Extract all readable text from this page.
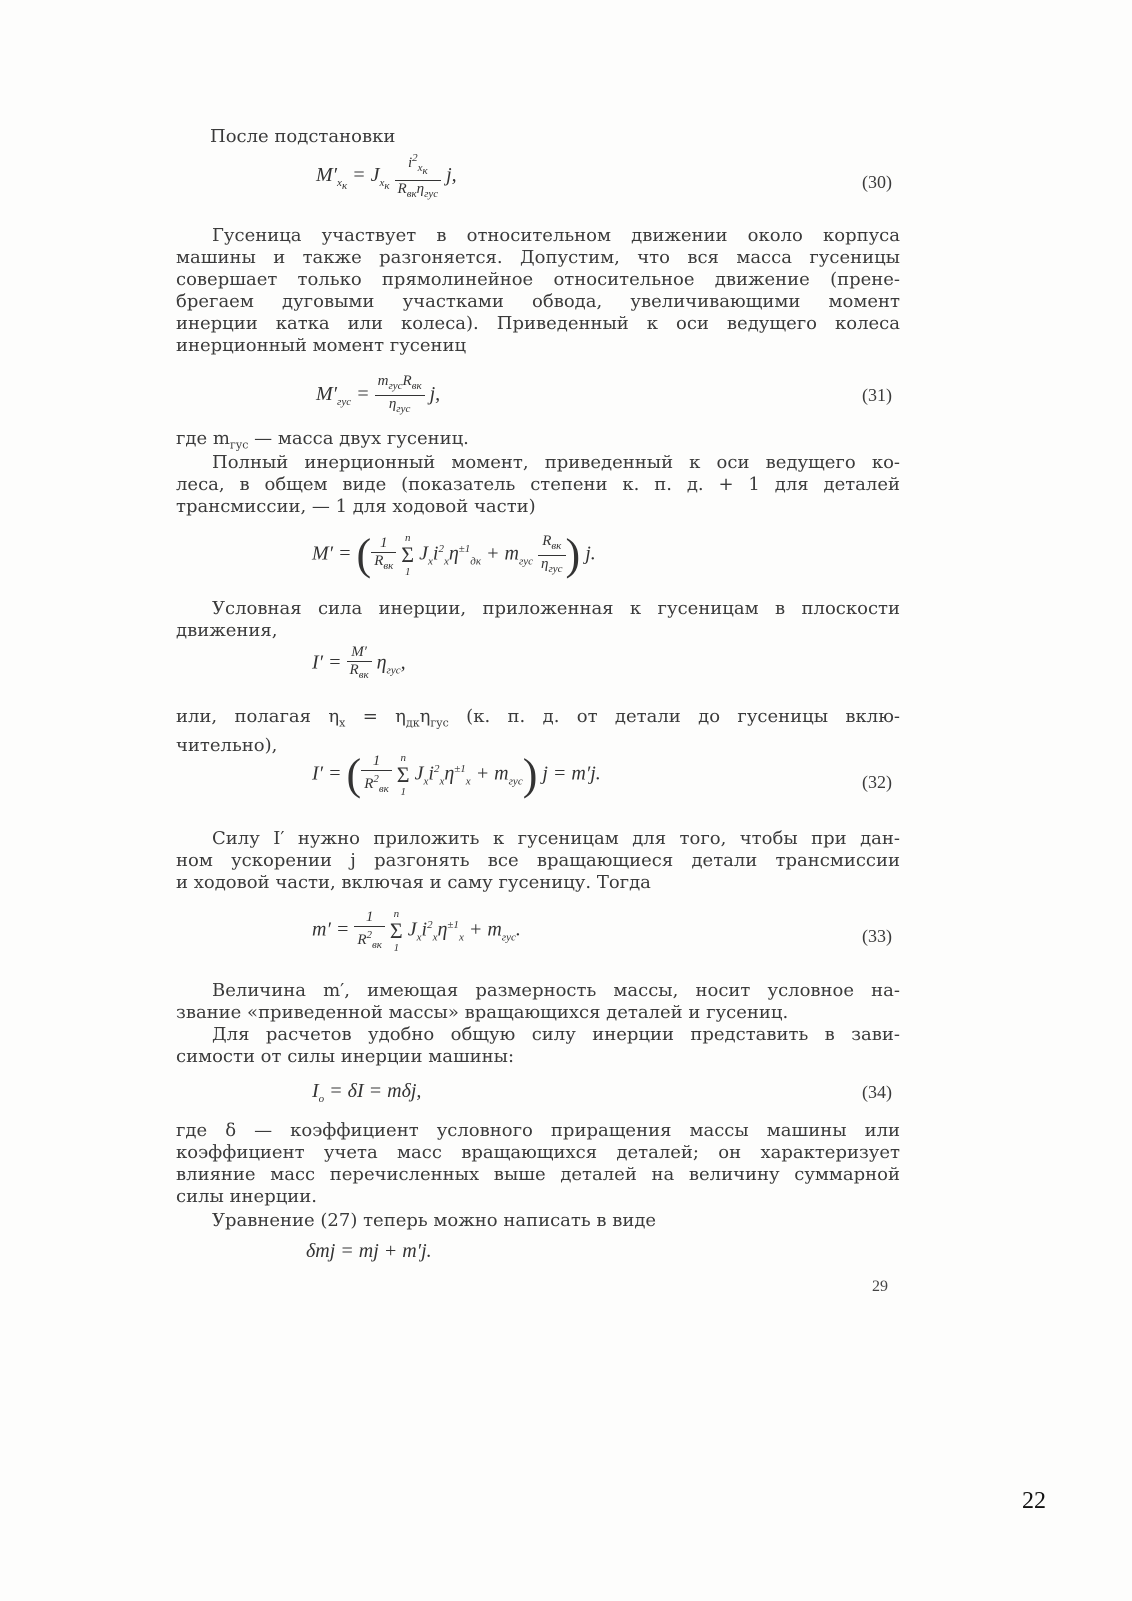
После подстановки
$M'_{x_к} = J_{x_к} \frac{i^2_{x_к}}{R_{вк}\eta_{гус}} j$,	(30)
Гусеница участвует в относительном движении около корпуса
машины и также разгоняется. Допустим, что вся масса гусеницы
совершает только прямолинейное относительное движение (прене-
брегаем дуговыми участками обвода, увеличивающими момент
инерции катка или колеса). Приведенный к оси ведущего колеса
инерционный момент гусениц
$M'_{гус} = \frac{m_{гус}R_{вк}}{\eta_{гус}} j$,	(31)
где $m_{гус}$ — масса двух гусениц.
Полный инерционный момент, приведенный к оси ведущего ко-
леса, в общем виде (показатель степени к. п. д. + 1 для деталей
трансмиссии, — 1 для ходовой части)
M′ = ( $\frac{1}{R_{вк}}$ n
Σ
1 $J_xi^2_x\eta^{\pm 1}_{дк} + m_{гус} \frac{R_{вк}}{\eta_{гус}}$ ) j.
Условная сила инерции, приложенная к гусеницам в плоскости
движения,
$I' = \frac{M'}{R_{вк}} \eta_{гус}$,
или, полагая $\eta_x = \eta_{дк}\eta_{гус}$ (к. п. д. от детали до гусеницы вклю-
чительно),
I′ = ( $\frac{1}{R^2_{вк}}$ n
Σ
1 $J_xi^2_x\eta^{\pm 1}_x + m_{гус}$) j = m′j.	(32)
Силу I′ нужно приложить к гусеницам для того, чтобы при дан-
ном ускорении j разгонять все вращающиеся детали трансмиссии
и ходовой части, включая и саму гусеницу. Тогда
$m' = \frac{1}{R^2_{вк}}$ n
Σ
1 $J_xi^2_x\eta^{\pm 1}_x + m_{гус}$.	(33)
Величина m′, имеющая размерность массы, носит условное на-
звание «приведенной массы» вращающихся деталей и гусениц.
Для расчетов удобно общую силу инерции представить в зави-
симости от силы инерции машины:
$I_о = \delta I = m\delta j$,	(34)
где δ — коэффициент условного приращения массы машины или
коэффициент учета масс вращающихся деталей; он характеризует
влияние масс перечисленных выше деталей на величину суммарной
силы инерции.
Уравнение (27) теперь можно написать в виде
δmj = mj + m′j.
29
22
